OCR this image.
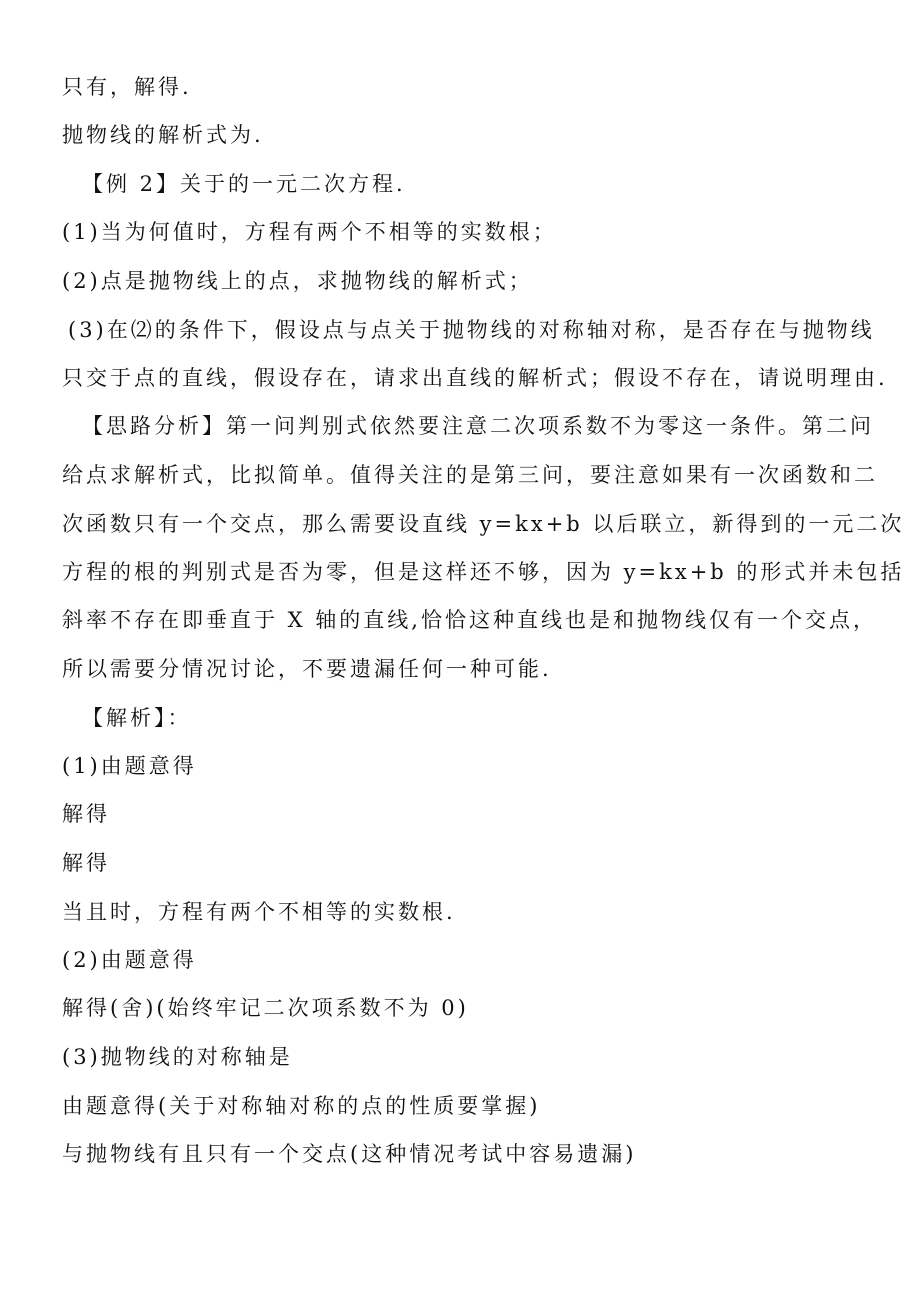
只有，解得.
抛物线的解析式为.
【例 2】关于的一元二次方程.
(1)当为何值时，方程有两个不相等的实数根；
(2)点是抛物线上的点，求抛物线的解析式；
(3)在⑵的条件下，假设点与点关于抛物线的对称轴对称，是否存在与抛物线
只交于点的直线，假设存在，请求出直线的解析式；假设不存在，请说明理由.
【思路分析】第一问判别式依然要注意二次项系数不为零这一条件。第二问
给点求解析式，比拟简单。值得关注的是第三问，要注意如果有一次函数和二
次函数只有一个交点，那么需要设直线 y=kx+b 以后联立，新得到的一元二次
方程的根的判别式是否为零，但是这样还不够，因为 y=kx+b 的形式并未包括
斜率不存在即垂直于 X 轴的直线,恰恰这种直线也是和抛物线仅有一个交点，
所以需要分情况讨论，不要遗漏任何一种可能.
【解析】：
(1)由题意得
解得
解得
当且时，方程有两个不相等的实数根.
(2)由题意得
解得(舍)(始终牢记二次项系数不为 0)
(3)抛物线的对称轴是
由题意得(关于对称轴对称的点的性质要掌握)
与抛物线有且只有一个交点(这种情况考试中容易遗漏)
